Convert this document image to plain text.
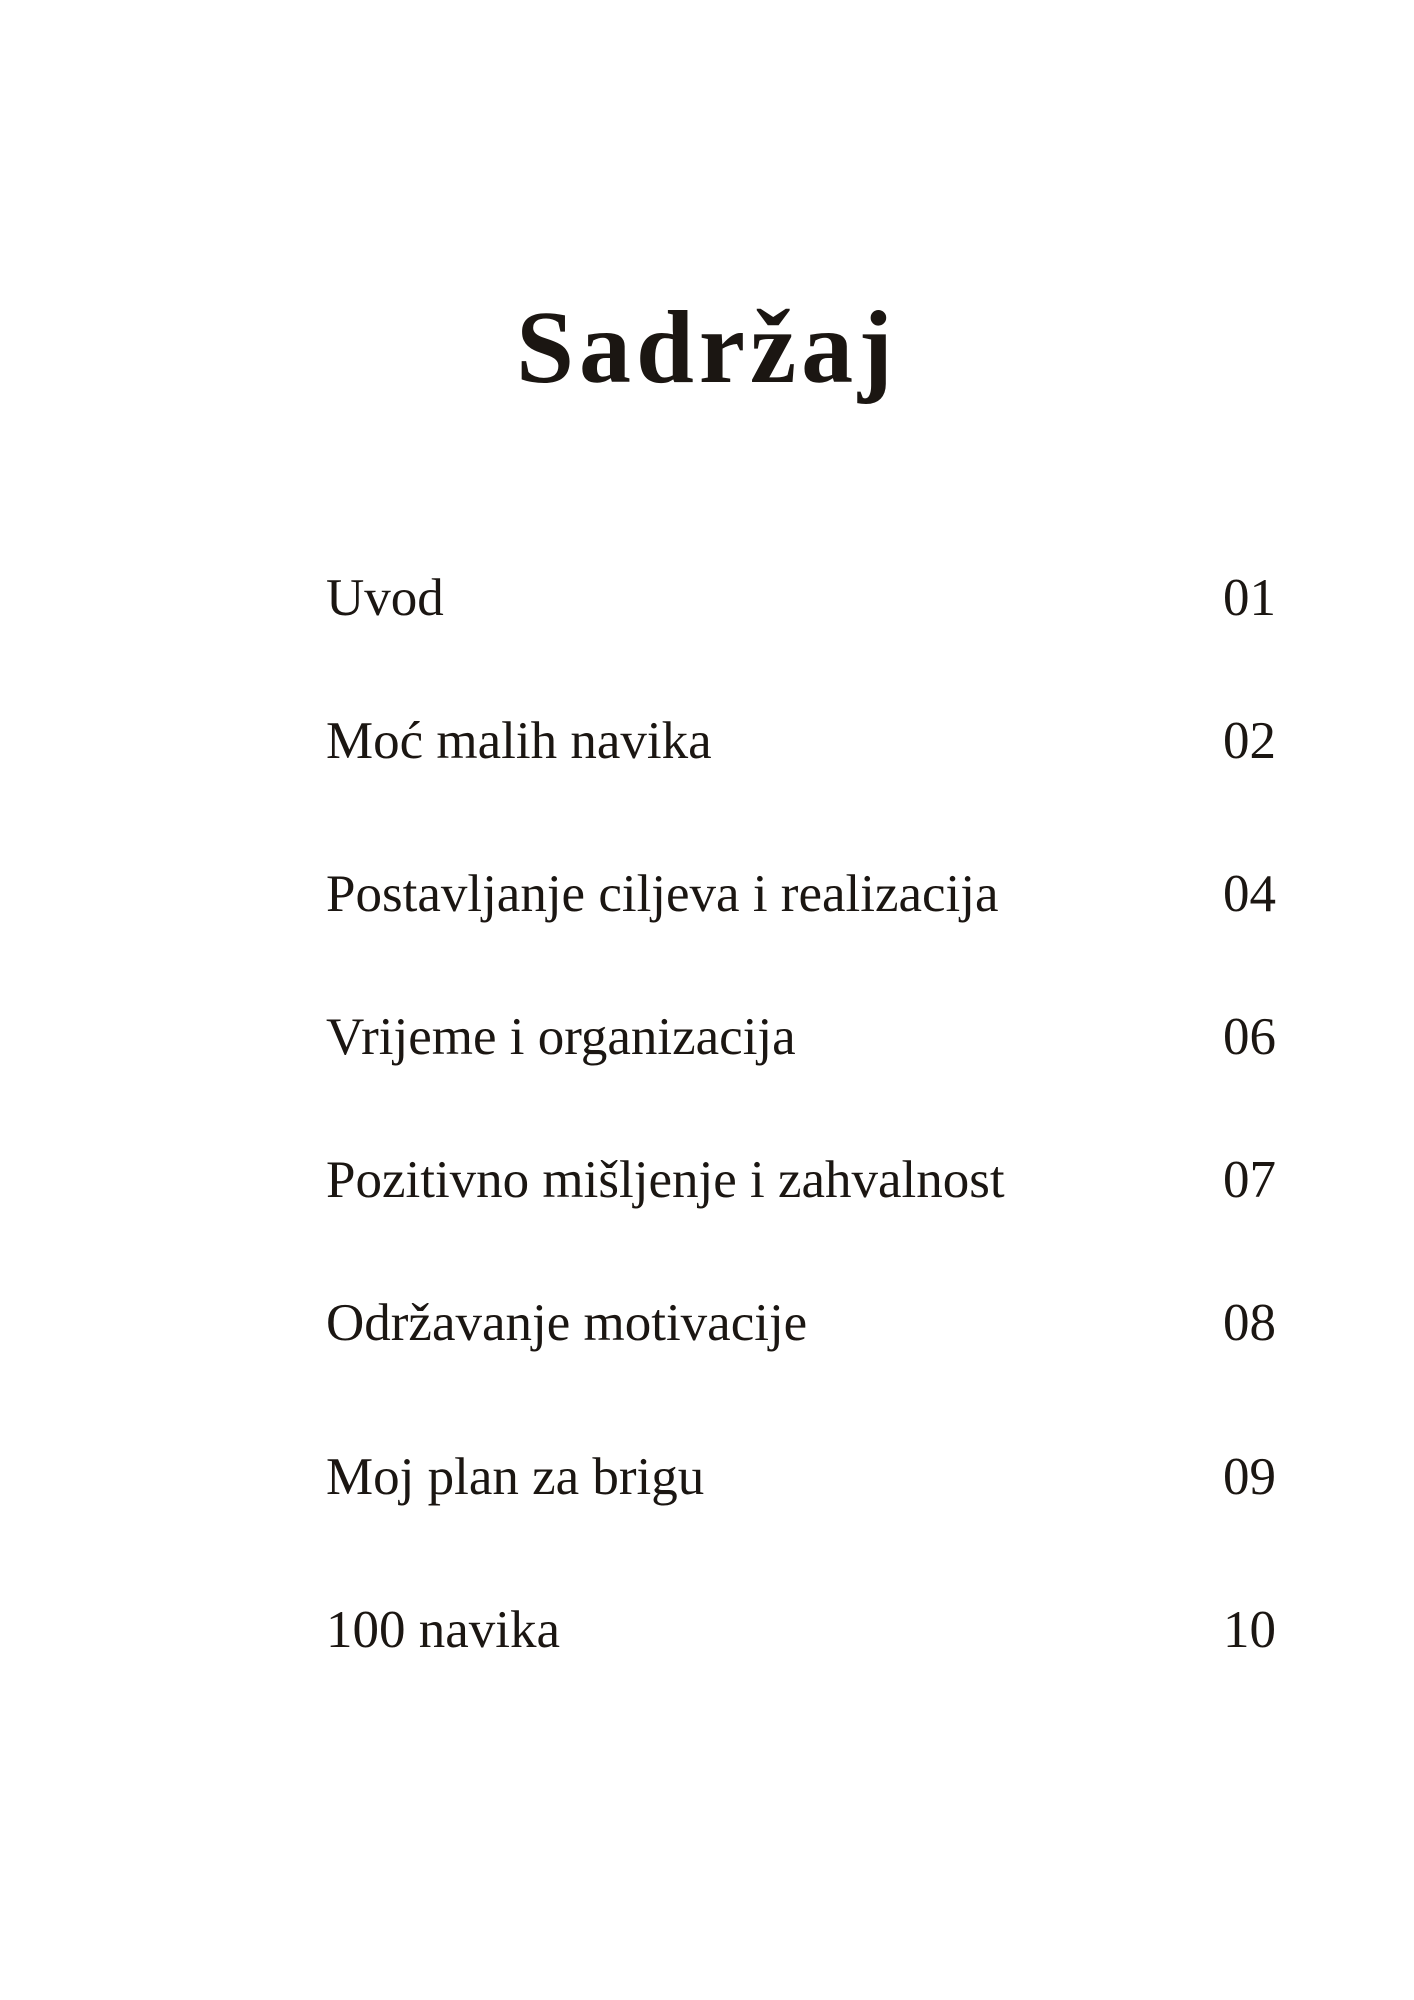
Sadržaj
Uvod	01
Moć malih navika	02
Postavljanje ciljeva i realizacija	04
Vrijeme i organizacija	06
Pozitivno mišljenje i zahvalnost	07
Održavanje motivacije	08
Moj plan za brigu	09
100 navika	10
